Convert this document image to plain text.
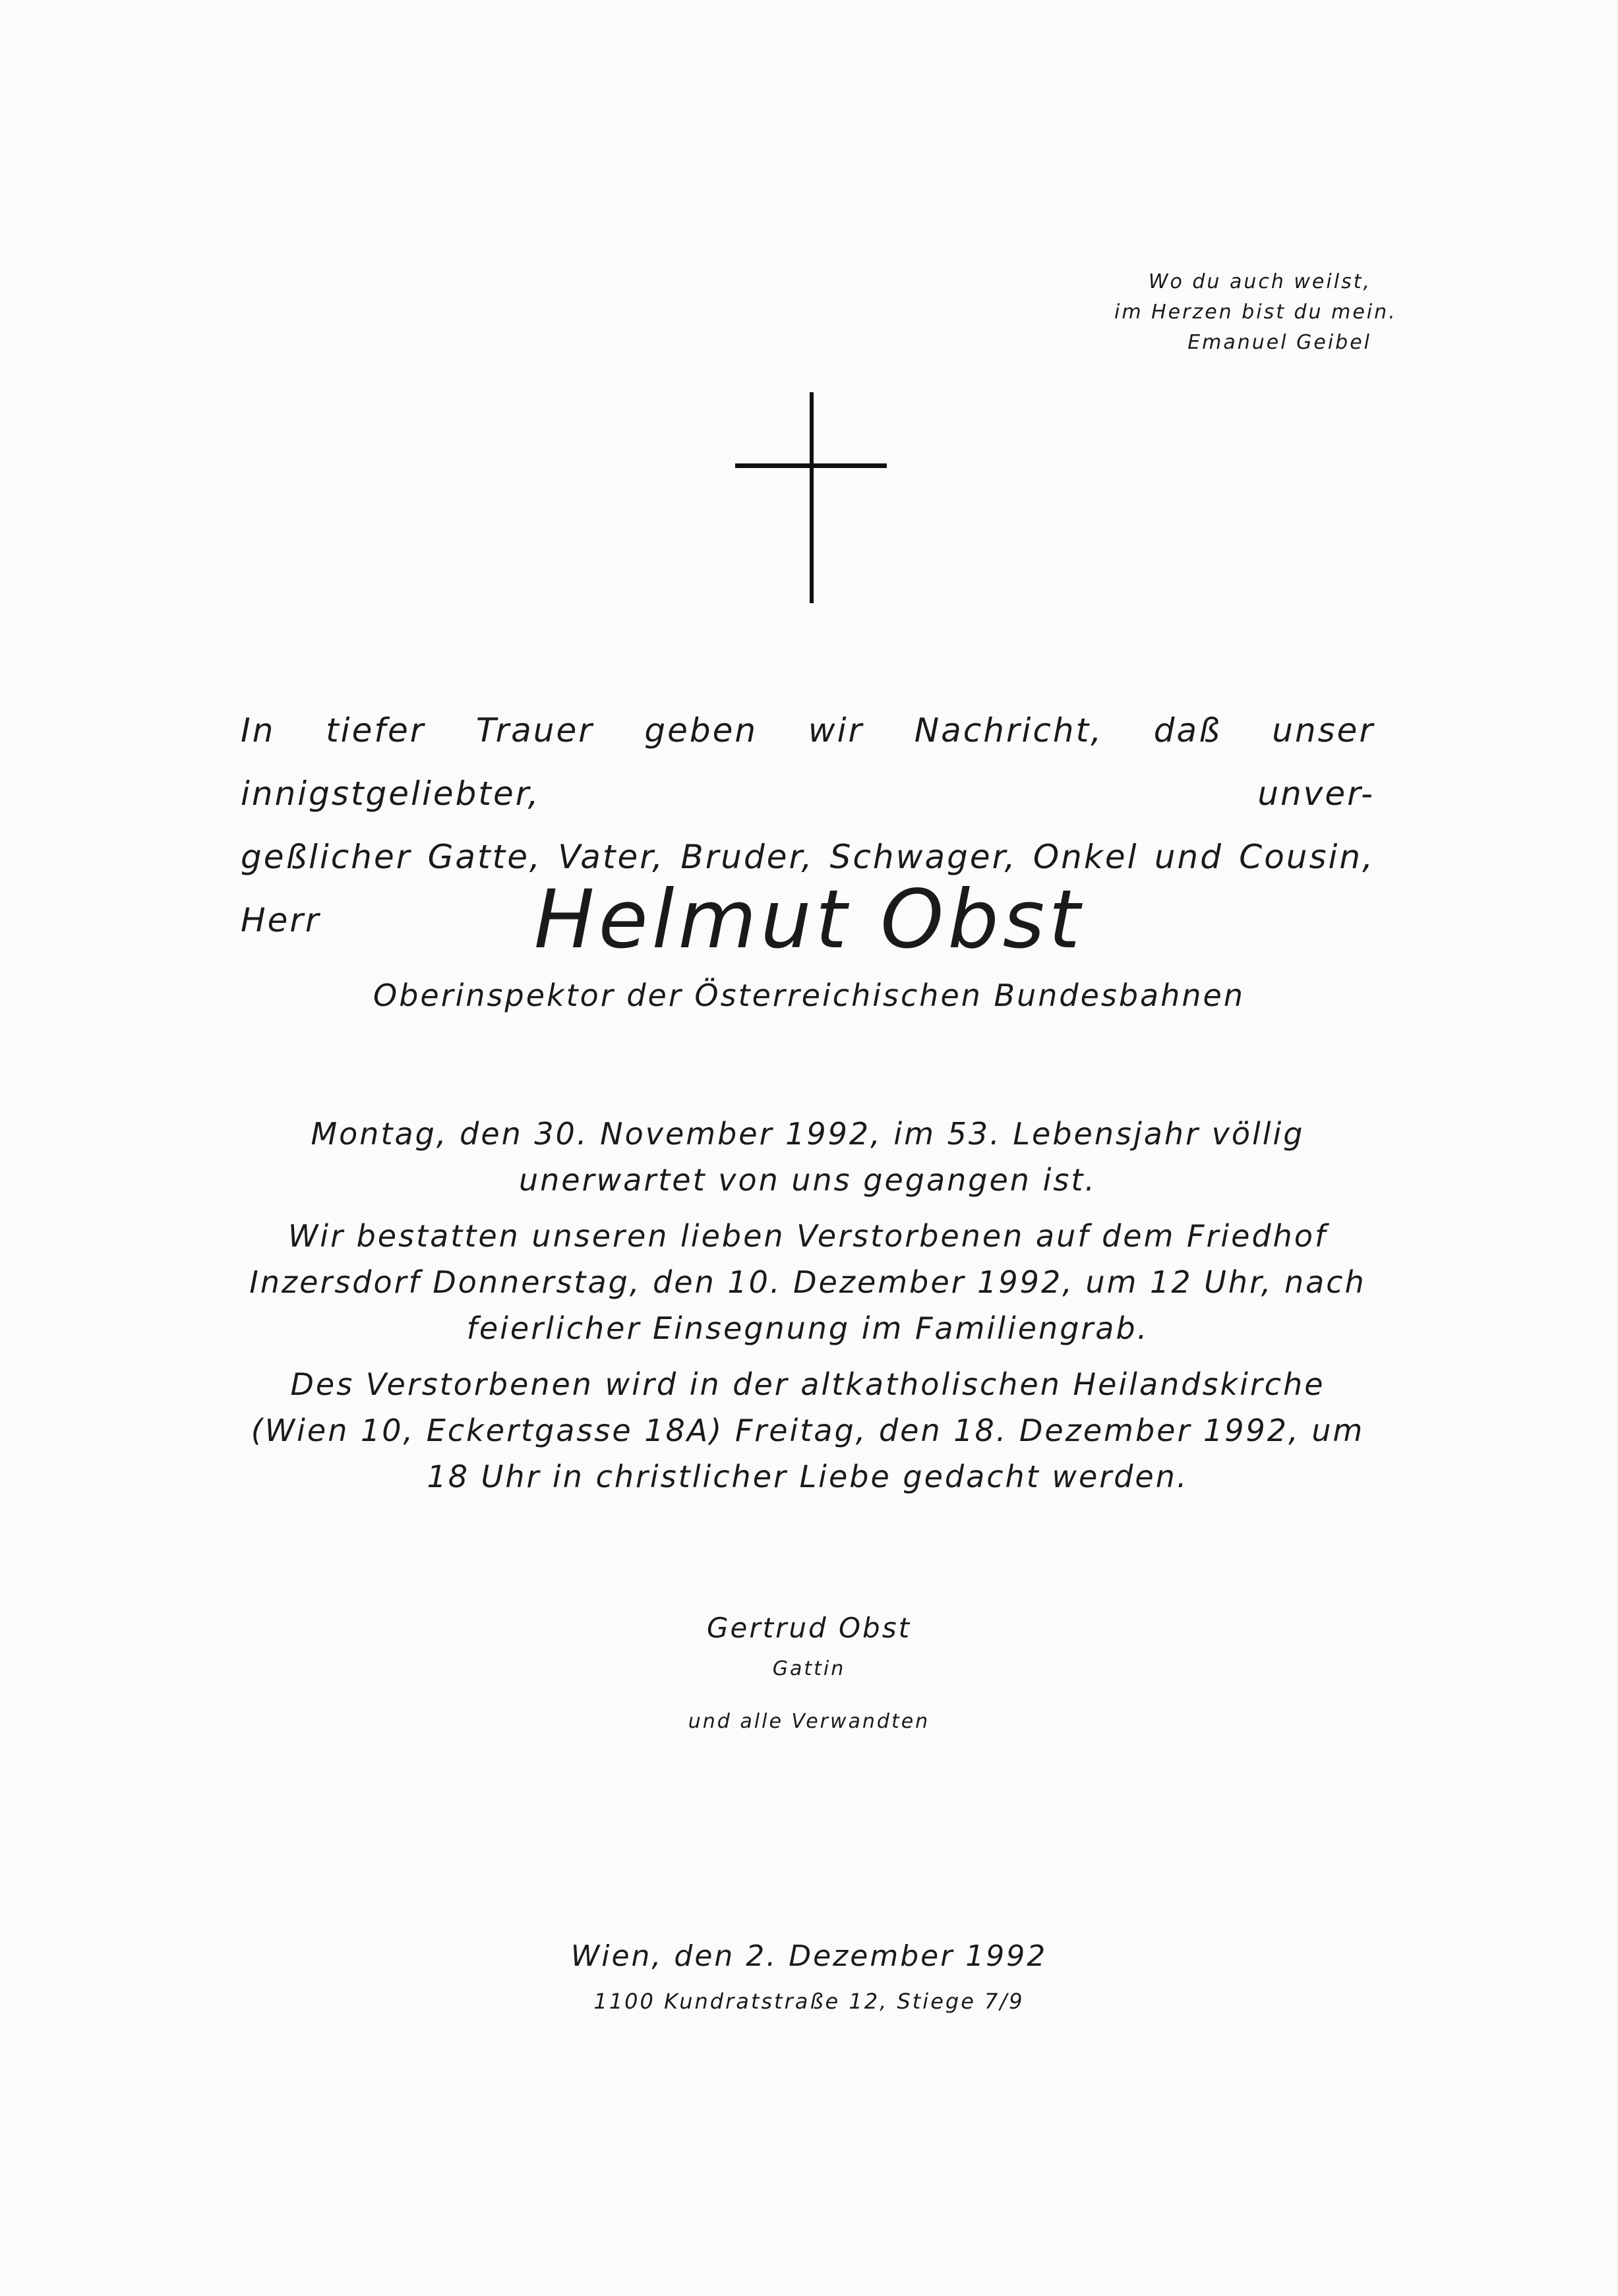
Wo du auch weilst,
im Herzen bist du mein.
Emanuel Geibel
In tiefer Trauer geben wir Nachricht, daß unser innigstgeliebter, unver-
geßlicher Gatte, Vater, Bruder, Schwager, Onkel und Cousin, Herr	Helmut Obst
Oberinspektor der Österreichischen Bundesbahnen
Montag, den 30. November 1992, im 53. Lebensjahr völlig unerwartet von uns gegangen ist.
Wir bestatten unseren lieben Verstorbenen auf dem Friedhof Inzersdorf Donnerstag, den 10. Dezember 1992, um 12 Uhr, nach feierlicher Einsegnung im Familiengrab.
Des Verstorbenen wird in der altkatholischen Heilandskirche (Wien 10, Eckertgasse 18A) Freitag, den 18. Dezember 1992, um 18 Uhr in christlicher Liebe gedacht werden.
Gertrud Obst
Gattin
und alle Verwandten
Wien, den 2. Dezember 1992
1100 Kundratstraße 12, Stiege 7/9
